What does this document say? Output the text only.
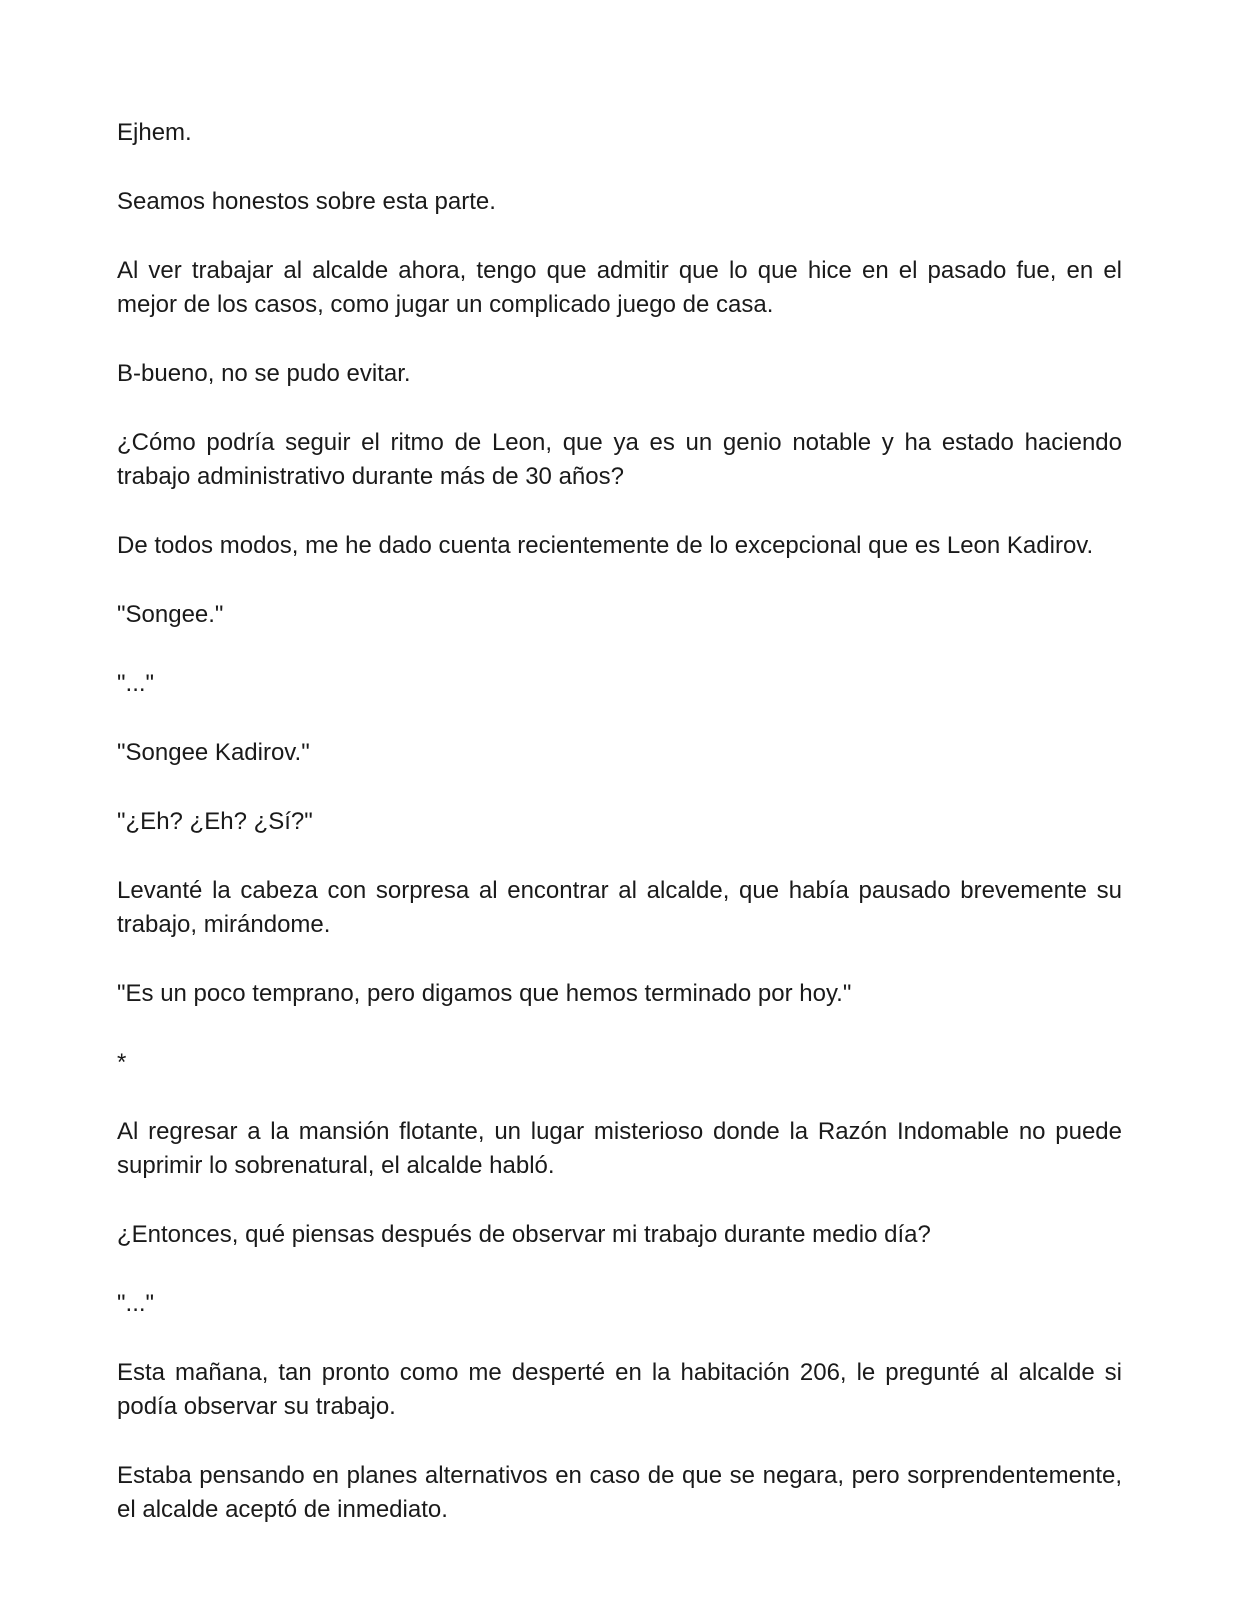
Ejhem.

Seamos honestos sobre esta parte.

Al ver trabajar al alcalde ahora, tengo que admitir que lo que hice en el pasado fue, en el mejor de los casos, como jugar un complicado juego de casa.

B-bueno, no se pudo evitar.

¿Cómo podría seguir el ritmo de Leon, que ya es un genio notable y ha estado haciendo trabajo administrativo durante más de 30 años?

De todos modos, me he dado cuenta recientemente de lo excepcional que es Leon Kadirov.

"Songee."

"..."

"Songee Kadirov."

"¿Eh? ¿Eh? ¿Sí?"

Levanté la cabeza con sorpresa al encontrar al alcalde, que había pausado brevemente su trabajo, mirándome.

"Es un poco temprano, pero digamos que hemos terminado por hoy."

*

Al regresar a la mansión flotante, un lugar misterioso donde la Razón Indomable no puede suprimir lo sobrenatural, el alcalde habló.

¿Entonces, qué piensas después de observar mi trabajo durante medio día?

"..."

Esta mañana, tan pronto como me desperté en la habitación 206, le pregunté al alcalde si podía observar su trabajo.

Estaba pensando en planes alternativos en caso de que se negara, pero sorprendentemente, el alcalde aceptó de inmediato.
